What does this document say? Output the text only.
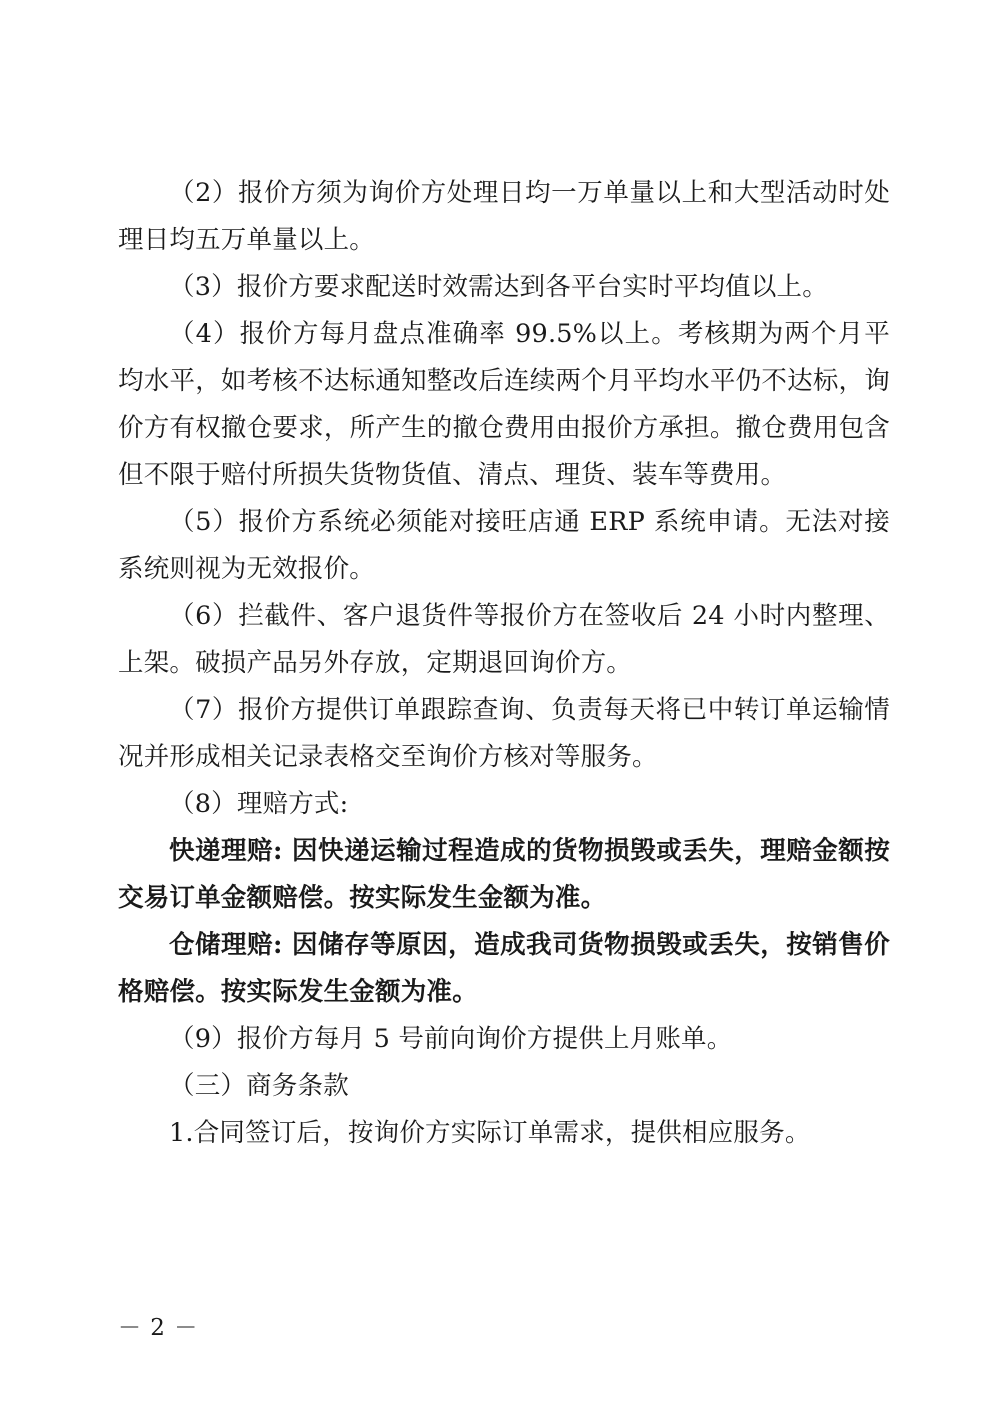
（2）报价方须为询价方处理日均一万单量以上和大型活动时处理日均五万单量以上。

（3）报价方要求配送时效需达到各平台实时平均值以上。

（4）报价方每月盘点准确率 99.5%以上。考核期为两个月平均水平，如考核不达标通知整改后连续两个月平均水平仍不达标，询价方有权撤仓要求，所产生的撤仓费用由报价方承担。撤仓费用包含但不限于赔付所损失货物货值、清点、理货、装车等费用。

（5）报价方系统必须能对接旺店通 ERP 系统申请。无法对接系统则视为无效报价。

（6）拦截件、客户退货件等报价方在签收后 24 小时内整理、上架。破损产品另外存放，定期退回询价方。

（7）报价方提供订单跟踪查询、负责每天将已中转订单运输情况并形成相关记录表格交至询价方核对等服务。

（8）理赔方式:

快递理赔: 因快递运输过程造成的货物损毁或丢失，理赔金额按交易订单金额赔偿。按实际发生金额为准。

仓储理赔: 因储存等原因，造成我司货物损毁或丢失，按销售价格赔偿。按实际发生金额为准。

（9）报价方每月 5 号前向询价方提供上月账单。

（三）商务条款

1.合同签订后，按询价方实际订单需求，提供相应服务。

－ 2 －
